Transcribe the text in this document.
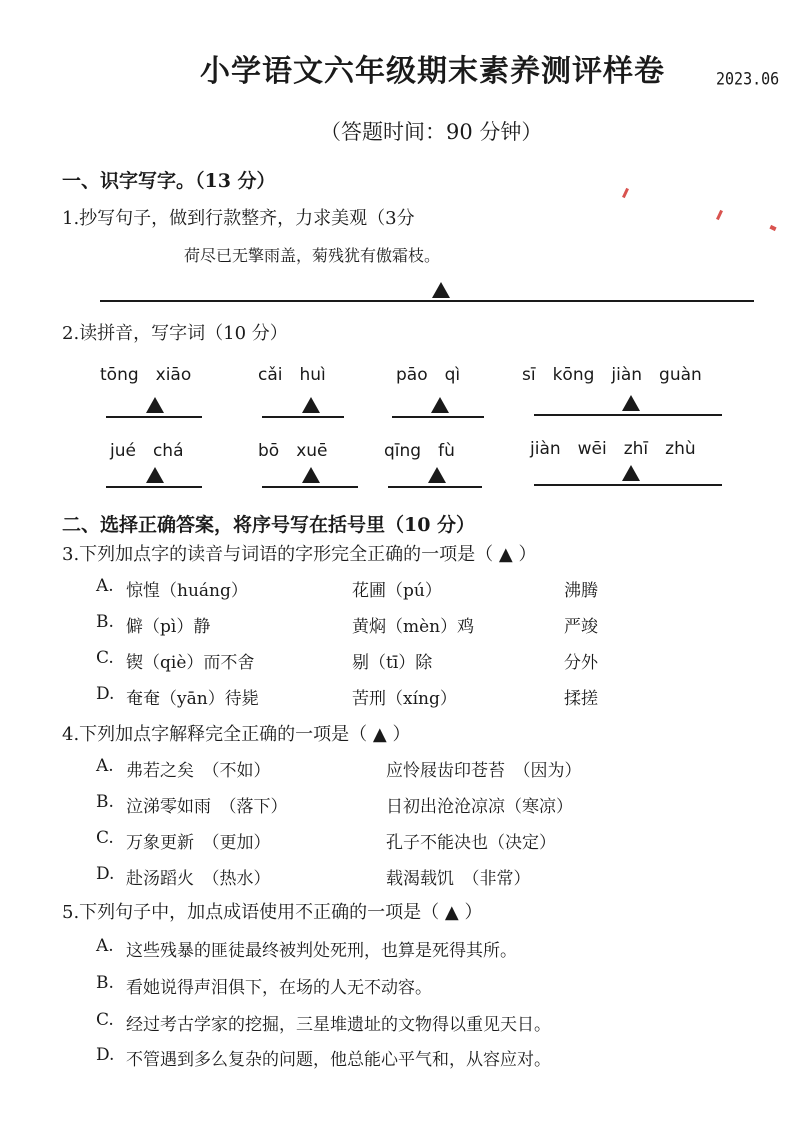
小学语文六年级期末素养测评样卷	2023.06
（答题时间：90 分钟）
一、识字写字。（13 分）
1.抄写句子，做到行款整齐，力求美观（3分
荷尽已无擎雨盖，菊残犹有傲霜枝。
2.读拼音，写字词（10 分）
tōng　xiāo	cǎi　huì	pāo　qì	sī　kōng　jiàn　guàn
jué　chá	bō　xuē	qīng　fù	jiàn　wēi　zhī　zhù
二、选择正确答案，将序号写在括号里（10 分）
3.下列加点字的读音与词语的字形完全正确的一项是（ ▲ ）
A. 惊惶（huáng）	花圃（pú）	沸腾
B. 僻（pì）静	黄焖（mèn）鸡	严竣
C. 锲（qiè）而不舍	剔（tī）除	分外
D. 奄奄（yān）待毙	苦刑（xíng）	揉搓
4.下列加点字解释完全正确的一项是（ ▲ ）
A. 弗若之矣　（不如）	应怜屐齿印苍苔　（因为）
B. 泣涕零如雨　（落下）	日初出沧沧凉凉（寒凉）
C. 万象更新　（更加）	孔子不能决也（决定）
D. 赴汤蹈火　（热水）	载渴载饥　（非常）
5.下列句子中，加点成语使用不正确的一项是（ ▲ ）
A. 这些残暴的匪徒最终被判处死刑，也算是死得其所。
B. 看她说得声泪俱下，在场的人无不动容。
C. 经过考古学家的挖掘，三星堆遗址的文物得以重见天日。
D. 不管遇到多么复杂的问题，他总能心平气和，从容应对。
